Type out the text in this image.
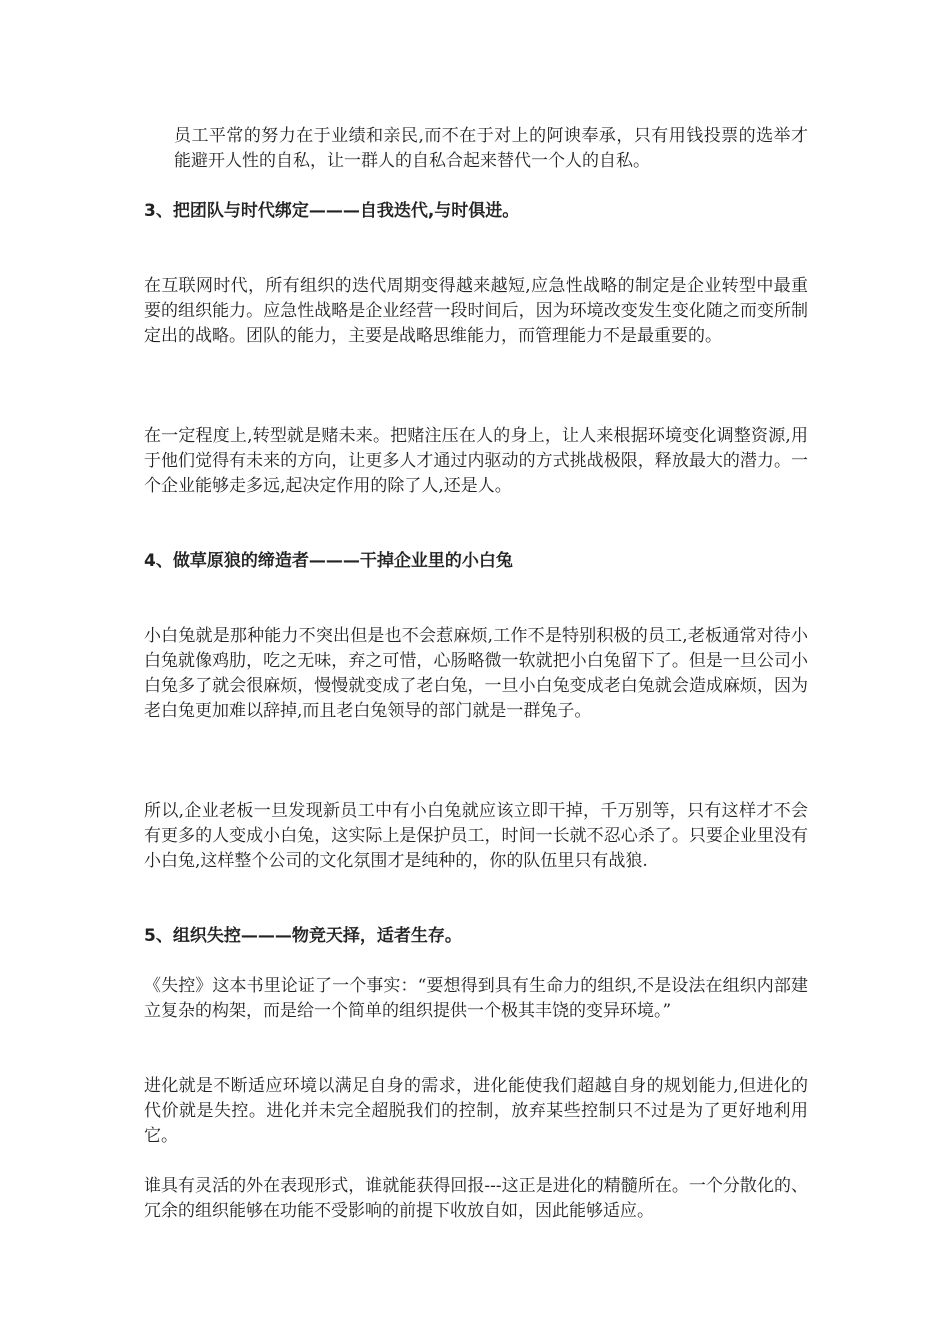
员工平常的努力在于业绩和亲民,而不在于对上的阿谀奉承，只有用钱投票的选举才能避开人性的自私，让一群人的自私合起来替代一个人的自私。

3、把团队与时代绑定———自我迭代,与时俱进。

在互联网时代，所有组织的迭代周期变得越来越短,应急性战略的制定是企业转型中最重要的组织能力。应急性战略是企业经营一段时间后，因为环境改变发生变化随之而变所制定出的战略。团队的能力，主要是战略思维能力，而管理能力不是最重要的。

在一定程度上,转型就是赌未来。把赌注压在人的身上，让人来根据环境变化调整资源,用于他们觉得有未来的方向，让更多人才通过内驱动的方式挑战极限，释放最大的潜力。一个企业能够走多远,起决定作用的除了人,还是人。

4、做草原狼的缔造者———干掉企业里的小白兔

小白兔就是那种能力不突出但是也不会惹麻烦,工作不是特别积极的员工,老板通常对待小白兔就像鸡肋，吃之无味，弃之可惜，心肠略微一软就把小白兔留下了。但是一旦公司小白兔多了就会很麻烦，慢慢就变成了老白兔，一旦小白兔变成老白兔就会造成麻烦，因为老白兔更加难以辞掉,而且老白兔领导的部门就是一群兔子。

所以,企业老板一旦发现新员工中有小白兔就应该立即干掉，千万别等，只有这样才不会有更多的人变成小白兔，这实际上是保护员工，时间一长就不忍心杀了。只要企业里没有小白兔,这样整个公司的文化氛围才是纯种的，你的队伍里只有战狼.

5、组织失控———物竞天择，适者生存。

《失控》这本书里论证了一个事实：“要想得到具有生命力的组织,不是设法在组织内部建立复杂的构架，而是给一个简单的组织提供一个极其丰饶的变异环境。”

进化就是不断适应环境以满足自身的需求，进化能使我们超越自身的规划能力,但进化的代价就是失控。进化并未完全超脱我们的控制，放弃某些控制只不过是为了更好地利用它。

谁具有灵活的外在表现形式，谁就能获得回报---这正是进化的精髓所在。一个分散化的、冗余的组织能够在功能不受影响的前提下收放自如，因此能够适应。
